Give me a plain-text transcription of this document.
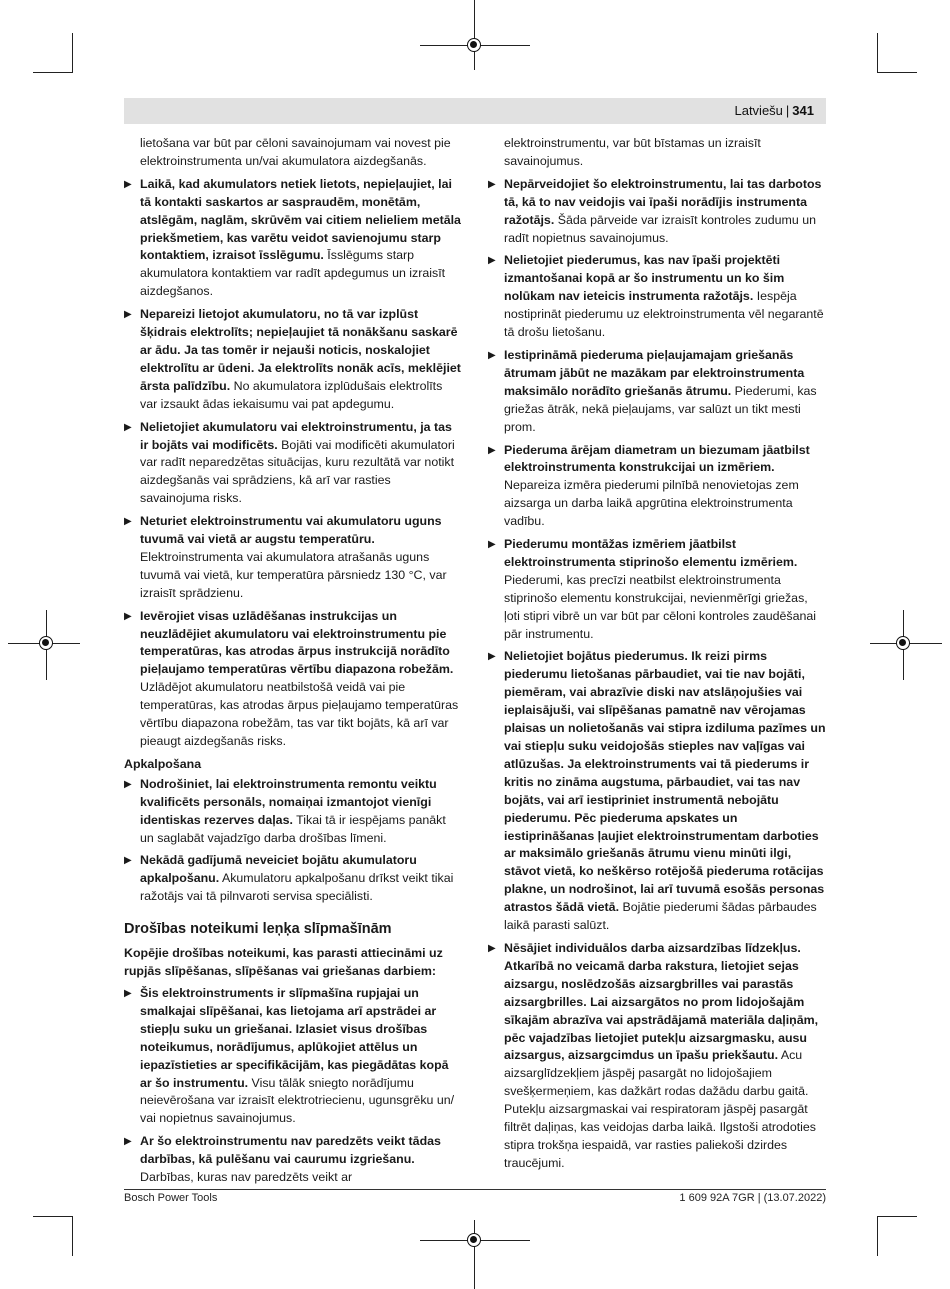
Latviešu | 341

lietošana var būt par cēloni savainojumam vai novest pie elektroinstrumenta un/vai akumulatora aizdegšanās.

▶ Laikā, kad akumulators netiek lietots, nepieļaujiet, lai tā kontakti saskartos ar saspraudēm, monētām, atslēgām, naglām, skrūvēm vai citiem nelieliem metāla priekšmetiem, kas varētu veidot savienojumu starp kontaktiem, izraisot īsslēgumu. Īsslēgums starp akumulatora kontaktiem var radīt apdegumus un izraisīt aizdegšanos.

▶ Nepareizi lietojot akumulatoru, no tā var izplūst šķidrais elektrolīts; nepieļaujiet tā nonākšanu saskarē ar ādu. Ja tas tomēr ir nejauši noticis, noskalojiet elektrolītu ar ūdeni. Ja elektrolīts nonāk acīs, meklējiet ārsta palīdzību. No akumulatora izplūdušais elektrolīts var izsaukt ādas iekaisumu vai pat apdegumu.

▶ Nelietojiet akumulatoru vai elektroinstrumentu, ja tas ir bojāts vai modificēts. Bojāti vai modificēti akumulatori var radīt neparedzētas situācijas, kuru rezultātā var notikt aizdegšanās vai sprādziens, kā arī var rasties savainojuma risks.

▶ Neturiet elektroinstrumentu vai akumulatoru uguns tuvumā vai vietā ar augstu temperatūru. Elektroinstrumenta vai akumulatora atrašanās uguns tuvumā vai vietā, kur temperatūra pārsniedz 130 °C, var izraisīt sprādzienu.

▶ Ievērojiet visas uzlādēšanas instrukcijas un neuzlādējiet akumulatoru vai elektroinstrumentu pie temperatūras, kas atrodas ārpus instrukcijā norādīto pieļaujamo temperatūras vērtību diapazona robežām. Uzlādējot akumulatoru neatbilstošā veidā vai pie temperatūras, kas atrodas ārpus pieļaujamo temperatūras vērtību diapazona robežām, tas var tikt bojāts, kā arī var pieaugt aizdegšanās risks.

Apkalpošana

▶ Nodrošiniet, lai elektroinstrumenta remontu veiktu kvalificēts personāls, nomaiņai izmantojot vienīgi identiskas rezerves daļas. Tikai tā ir iespējams panākt un saglabāt vajadzīgo darba drošības līmeni.

▶ Nekādā gadījumā neveiciet bojātu akumulatoru apkalpošanu. Akumulatoru apkalpošanu drīkst veikt tikai ražotājs vai tā pilnvaroti servisa speciālisti.

Drošības noteikumi leņķa slīpmašīnām

Kopējie drošības noteikumi, kas parasti attiecināmi uz rupjās slīpēšanas, slīpēšanas vai griešanas darbiem:

▶ Šis elektroinstruments ir slīpmašīna rupjajai un smalkajai slīpēšanai, kas lietojama arī apstrādei ar stiepļu suku un griešanai. Izlasiet visus drošības noteikumus, norādījumus, aplūkojiet attēlus un iepazīstieties ar specifikācijām, kas piegādātas kopā ar šo instrumentu. Visu tālāk sniegto norādījumu neievērošana var izraisīt elektrotriecienu, ugunsgrēku un/ vai nopietnus savainojumus.

▶ Ar šo elektroinstrumentu nav paredzēts veikt tādas darbības, kā pulēšanu vai caurumu izgriešanu. Darbības, kuras nav paredzēts veikt ar

elektroinstrumentu, var būt bīstamas un izraisīt savainojumus.

▶ Nepārveidojiet šo elektroinstrumentu, lai tas darbotos tā, kā to nav veidojis vai īpaši norādījis instrumenta ražotājs. Šāda pārveide var izraisīt kontroles zudumu un radīt nopietnus savainojumus.

▶ Nelietojiet piederumus, kas nav īpaši projektēti izmantošanai kopā ar šo instrumentu un ko šim nolūkam nav ieteicis instrumenta ražotājs. Iespēja nostiprināt piederumu uz elektroinstrumenta vēl negarantē tā drošu lietošanu.

▶ Iestiprināmā piederuma pieļaujamajam griešanās ātrumam jābūt ne mazākam par elektroinstrumenta maksimālo norādīto griešanās ātrumu. Piederumi, kas griežas ātrāk, nekā pieļaujams, var salūzt un tikt mesti prom.

▶ Piederuma ārējam diametram un biezumam jāatbilst elektroinstrumenta konstrukcijai un izmēriem. Nepareiza izmēra piederumi pilnībā nenovietojas zem aizsarga un darba laikā apgrūtina elektroinstrumenta vadību.

▶ Piederumu montāžas izmēriem jāatbilst elektroinstrumenta stiprinošo elementu izmēriem. Piederumi, kas precīzi neatbilst elektroinstrumenta stiprinošo elementu konstrukcijai, nevienmērīgi griežas, ļoti stipri vibrē un var būt par cēloni kontroles zaudēšanai pār instrumentu.

▶ Nelietojiet bojātus piederumus. Ik reizi pirms piederumu lietošanas pārbaudiet, vai tie nav bojāti, piemēram, vai abrazīvie diski nav atslāņojušies vai ieplaisājuši, vai slīpēšanas pamatnē nav vērojamas plaisas un nolietošanās vai stipra izdiluma pazīmes un vai stiepļu suku veidojošās stieples nav vaļīgas vai atlūzušas. Ja elektroinstruments vai tā piederums ir kritis no zināma augstuma, pārbaudiet, vai tas nav bojāts, vai arī iestipriniet instrumentā nebojātu piederumu. Pēc piederuma apskates un iestiprināšanas ļaujiet elektroinstrumentam darboties ar maksimālo griešanās ātrumu vienu minūti ilgi, stāvot vietā, ko neškērso rotējošā piederuma rotācijas plakne, un nodrošinot, lai arī tuvumā esošās personas atrastos šādā vietā. Bojātie piederumi šādas pārbaudes laikā parasti salūzt.

▶ Nēsājiet individuālos darba aizsardzības līdzekļus. Atkarībā no veicamā darba rakstura, lietojiet sejas aizsargu, noslēdzošās aizsargbrilles vai parastās aizsargbrilles. Lai aizsargātos no prom lidojošajām sīkajām abrazīva vai apstrādājamā materiāla daļiņām, pēc vajadzības lietojiet putekļu aizsargmasku, ausu aizsargus, aizsargcimdus un īpašu priekšautu. Acu aizsarglīdzekļiem jāspēj pasargāt no lidojošajiem svešķermeņiem, kas dažkārt rodas dažādu darbu gaitā. Putekļu aizsargmaskai vai respiratoram jāspēj pasargāt filtrēt daļiņas, kas veidojas darba laikā. Ilgstoši atrodoties stipra trokšņa iespaidā, var rasties paliekoši dzirdes traucējumi.

Bosch Power Tools	1 609 92A 7GR | (13.07.2022)
